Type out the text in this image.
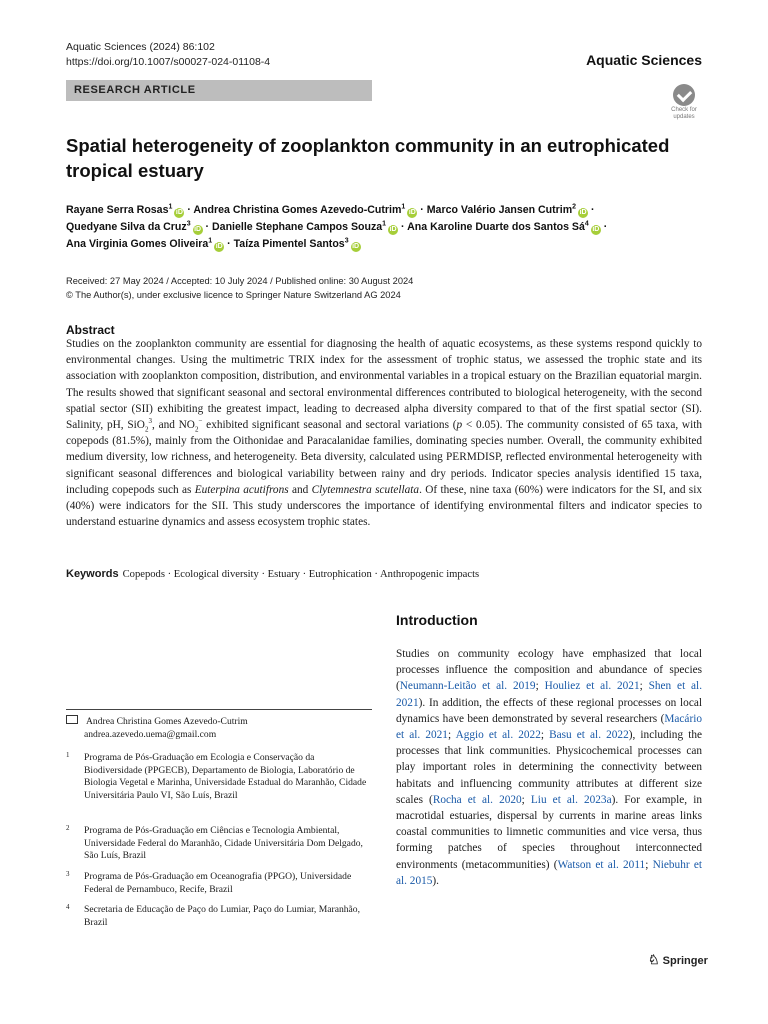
Aquatic Sciences (2024) 86:102
https://doi.org/10.1007/s00027-024-01108-4	Aquatic Sciences
RESEARCH ARTICLE
Check for updates
Spatial heterogeneity of zooplankton community in an eutrophicated
tropical estuary
Rayane Serra Rosas$^1$iD · Andrea Christina Gomes Azevedo-Cutrim$^1$iD · Marco Valério Jansen Cutrim$^2$iD ·
Quedyane Silva da Cruz$^3$iD · Danielle Stephane Campos Souza$^1$iD · Ana Karoline Duarte dos Santos $Sá^4iD$ ·
Ana Virginia Gomes Oliveira$^1$iD · Taíza Pimentel Santos$^3$iD
Received: 27 May 2024 / Accepted: 10 July 2024 / Published online: 30 August 2024
© The Author(s), under exclusive licence to Springer Nature Switzerland AG 2024
Abstract
Studies on the zooplankton community are essential for diagnosing the health of aquatic ecosystems, as these systems respond quickly to environmental changes. Using the multimetric TRIX index for the assessment of trophic status, we assessed the trophic state and its association with zooplankton composition, distribution, and environmental variables in a tropical estuary on the Brazilian equatorial margin. The results showed that significant seasonal and sectoral environmental differences contributed to biological heterogeneity, with the second spatial sector (SII) exhibiting the greatest impact, leading to decreased alpha diversity compared to that of the first spatial sector (SI). Salinity, pH, SiO$_2^3$, and $NO_2^-$ exhibited significant seasonal and sectoral variations (p < 0.05). The community consisted of 65 taxa, with copepods (81.5%), mainly from the Oithonidae and Paracalanidae families, dominating species number. Overall, the community exhibited medium diversity, low richness, and heterogeneity. Beta diversity, calculated using PERMDISP, reflected environmental heterogeneity with significant seasonal differences and biological variability between rainy and dry periods. Indicator species analysis identified 15 taxa, including copepods such as Euterpina acutifrons and Clytemnestra scutellata. Of these, nine taxa (60%) were indicators for the SI, and six (40%) were indicators for the SII. This study underscores the importance of identifying environmental filters and indicator species to understand estuarine dynamics and assess ecosystem trophic states.
Keywords Copepods · Ecological diversity · Estuary · Eutrophication · Anthropogenic impacts
Andrea Christina Gomes Azevedo-Cutrim
andrea.azevedo.uema@gmail.com
1 Programa de Pós-Graduação em Ecologia e Conservação da Biodiversidade (PPGECB), Departamento de Biologia, Laboratório de Biologia Vegetal e Marinha, Universidade Estadual do Maranhão, Cidade Universitária Paulo VI, São Luís, Brazil
2 Programa de Pós-Graduação em Ciências e Tecnologia Ambiental, Universidade Federal do Maranhão, Cidade Universitária Dom Delgado, São Luís, Brazil
3 Programa de Pós-Graduação em Oceanografia (PPGO), Universidade Federal de Pernambuco, Recife, Brazil
4 Secretaria de Educação de Paço do Lumiar, Paço do Lumiar, Maranhão, Brazil
Introduction
Studies on community ecology have emphasized that local processes influence the composition and abundance of species (Neumann-Leitão et al. 2019; Houliez et al. 2021; Shen et al. 2021). In addition, the effects of these regional processes on local dynamics have been demonstrated by several researchers (Macário et al. 2021; Aggio et al. 2022; Basu et al. 2022), including the processes that link communities. Physicochemical processes can play important roles in determining the connectivity between habitats and influencing community attributes at different size scales (Rocha et al. 2020; Liu et al. 2023a). For example, in macrotidal estuaries, dispersal by currents in marine areas links coastal communities to limnetic communities and vice versa, thus forming patches of species throughout interconnected environments (metacommunities) (Watson et al. 2011; Niebuhr et al. 2015).
♘ Springer
